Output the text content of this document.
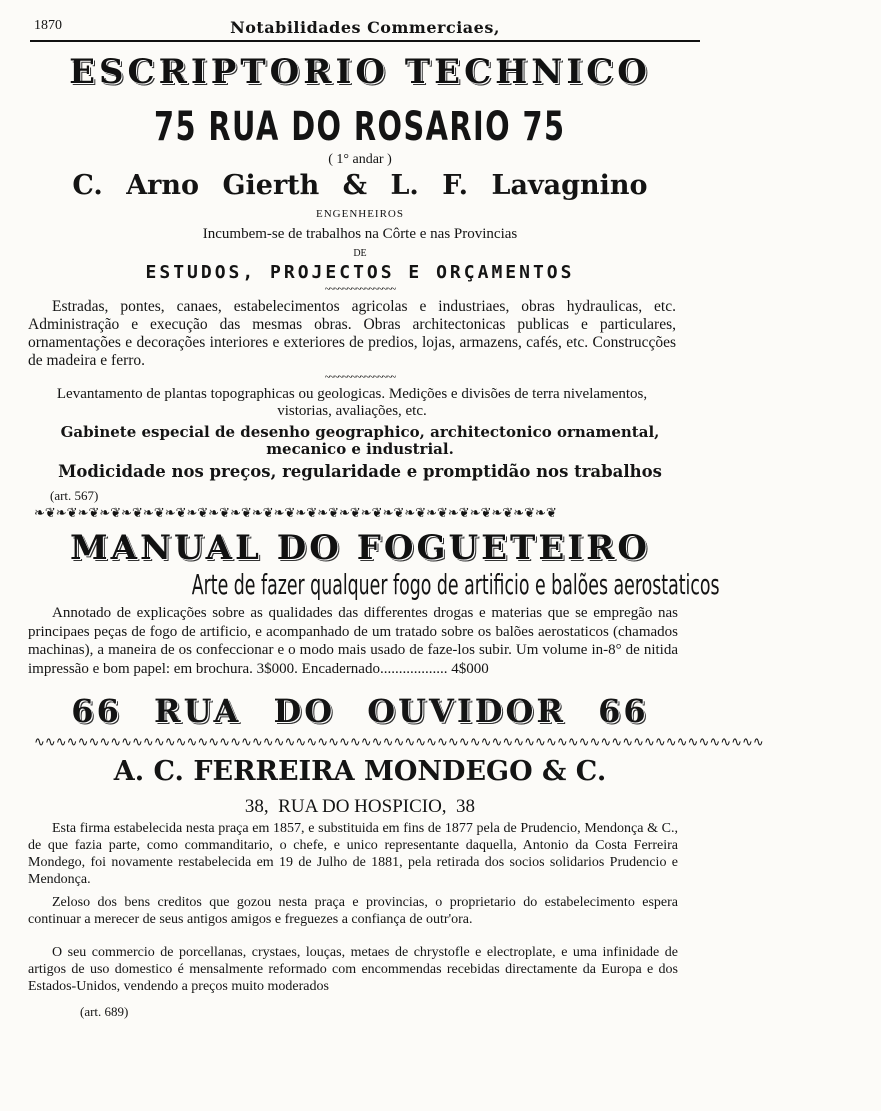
1870	Notabilidades Commerciaes,
ESCRIPTORIO TECHNICO
75 RUA DO ROSARIO 75
( 1° andar )
C. Arno Gierth & L. F. Lavagnino
ENGENHEIROS
Incumbem-se de trabalhos na Côrte e nas Provincias
DE
ESTUDOS, PROJECTOS E ORÇAMENTOS
~~~~~~~~~~~~~~~~
Estradas, pontes, canaes, estabelecimentos agricolas e industriaes, obras hydraulicas, etc. Administração e execução das mesmas obras. Obras architectonicas publicas e particulares, ornamentações e decorações interiores e exteriores de predios, lojas, armazens, cafés, etc. Construcções de madeira e ferro.
~~~~~~~~~~~~~~~~
Levantamento de plantas topographicas ou geologicas. Medições e divisões de terra nivelamentos, vistorias, avaliações, etc.
Gabinete especial de desenho geographico, architectonico ornamental, mecanico e industrial.
Modicidade nos preços, regularidade e promptidão nos trabalhos
(art. 567)
❧❦❧❦❧❦❧❦❧❦❧❦❧❦❧❦❧❦❧❦❧❦❧❦❧❦❧❦❧❦❧❦❧❦❧❦❧❦❧❦❧❦❧❦❧❦❧❦
MANUAL DO FOGUETEIRO
Arte de fazer qualquer fogo de artificio e balões aerostaticos
Annotado de explicações sobre as qualidades das differentes drogas e materias que se empregão nas principaes peças de fogo de artificio, e acompanhado de um tratado sobre os balões aerostaticos (chamados machinas), a maneira de os confeccionar e o modo mais usado de faze-los subir. Um volume in-8° de nitida impressão e bom papel: em brochura. 3$000. Encadernado.................. 4$000
66 RUA DO OUVIDOR 66
∿∿∿∿∿∿∿∿∿∿∿∿∿∿∿∿∿∿∿∿∿∿∿∿∿∿∿∿∿∿∿∿∿∿∿∿∿∿∿∿∿∿∿∿∿∿∿∿∿∿∿∿∿∿∿∿∿∿∿∿∿∿∿∿∿∿∿
A. C. FERREIRA MONDEGO & C.
38,  RUA DO HOSPICIO,  38
Esta firma estabelecida nesta praça em 1857, e substituida em fins de 1877 pela de Prudencio, Mendonça & C., de que fazia parte, como commanditario, o chefe, e unico representante daquella, Antonio da Costa Ferreira Mondego, foi novamente restabelecida em 19 de Julho de 1881, pela retirada dos socios solidarios Prudencio e Mendonça.
Zeloso dos bens creditos que gozou nesta praça e provincias, o proprietario do estabelecimento espera continuar a merecer de seus antigos amigos e freguezes a confiança de outr'ora.
O seu commercio de porcellanas, crystaes, louças, metaes de chrystofle e electroplate, e uma infinidade de artigos de uso domestico é mensalmente reformado com encommendas recebidas directamente da Europa e dos Estados-Unidos, vendendo a preços muito moderados
(art. 689)
